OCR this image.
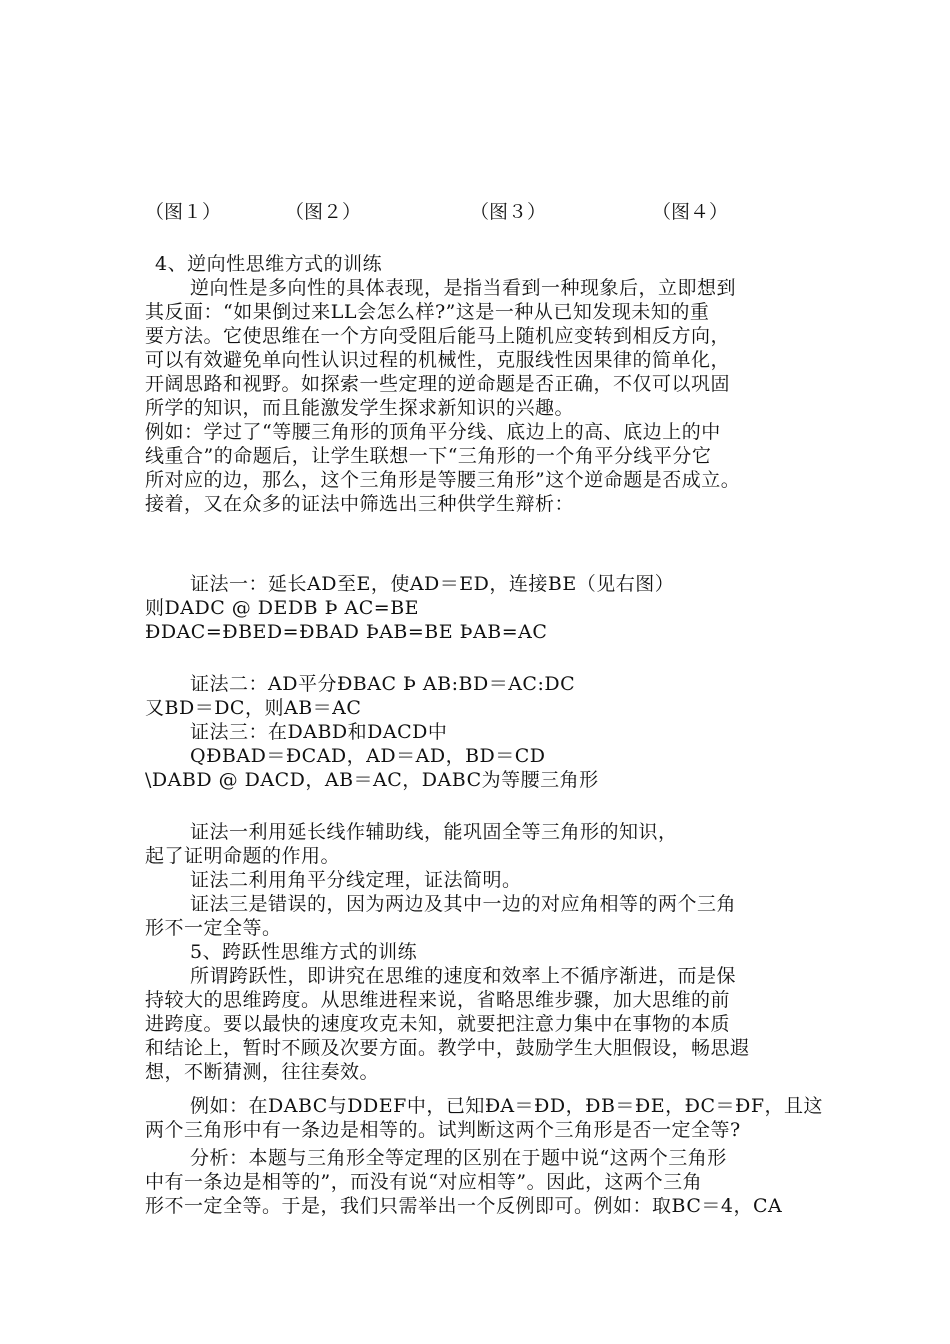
（图１）	（图２）	（图３）	（图４）
4、逆向性思维方式的训练
逆向性是多向性的具体表现，是指当看到一种现象后，立即想到
其反面：“如果倒过来LL会怎么样?”这是一种从已知发现未知的重
要方法。它使思维在一个方向受阻后能马上随机应变转到相反方向，
可以有效避免单向性认识过程的机械性，克服线性因果律的简单化，
开阔思路和视野。如探索一些定理的逆命题是否正确，不仅可以巩固
所学的知识，而且能激发学生探求新知识的兴趣。
例如：学过了“等腰三角形的顶角平分线、底边上的高、底边上的中
线重合”的命题后，让学生联想一下“三角形的一个角平分线平分它
所对应的边，那么，这个三角形是等腰三角形”这个逆命题是否成立。
接着，又在众多的证法中筛选出三种供学生辩析：
证法一：延长AD至E，使AD＝ED，连接BE（见右图）
则DADC @ DEDB Þ AC=BE
ÐDAC=ÐBED=ÐBAD ÞAB=BE ÞAB=AC
证法二：AD平分ÐBAC Þ AB:BD＝AC:DC
又BD＝DC，则AB＝AC
证法三：在DABD和DACD中
QÐBAD＝ÐCAD，AD＝AD，BD＝CD
\DABD @ DACD，AB＝AC，DABC为等腰三角形
证法一利用延长线作辅助线，能巩固全等三角形的知识，
起了证明命题的作用。
证法二利用角平分线定理，证法简明。
证法三是错误的，因为两边及其中一边的对应角相等的两个三角
形不一定全等。
5、跨跃性思维方式的训练
所谓跨跃性，即讲究在思维的速度和效率上不循序渐进，而是保
持较大的思维跨度。从思维进程来说，省略思维步骤，加大思维的前
进跨度。要以最快的速度攻克未知，就要把注意力集中在事物的本质
和结论上，暂时不顾及次要方面。教学中，鼓励学生大胆假设，畅思遐
想，不断猜测，往往奏效。
例如：在DABC与DDEF中，已知ÐA＝ÐD，ÐB＝ÐE，ÐC＝ÐF，且这
两个三角形中有一条边是相等的。试判断这两个三角形是否一定全等?
分析：本题与三角形全等定理的区别在于题中说“这两个三角形
中有一条边是相等的”，而没有说“对应相等”。因此，这两个三角
形不一定全等。于是，我们只需举出一个反例即可。例如：取BC＝4，CA
